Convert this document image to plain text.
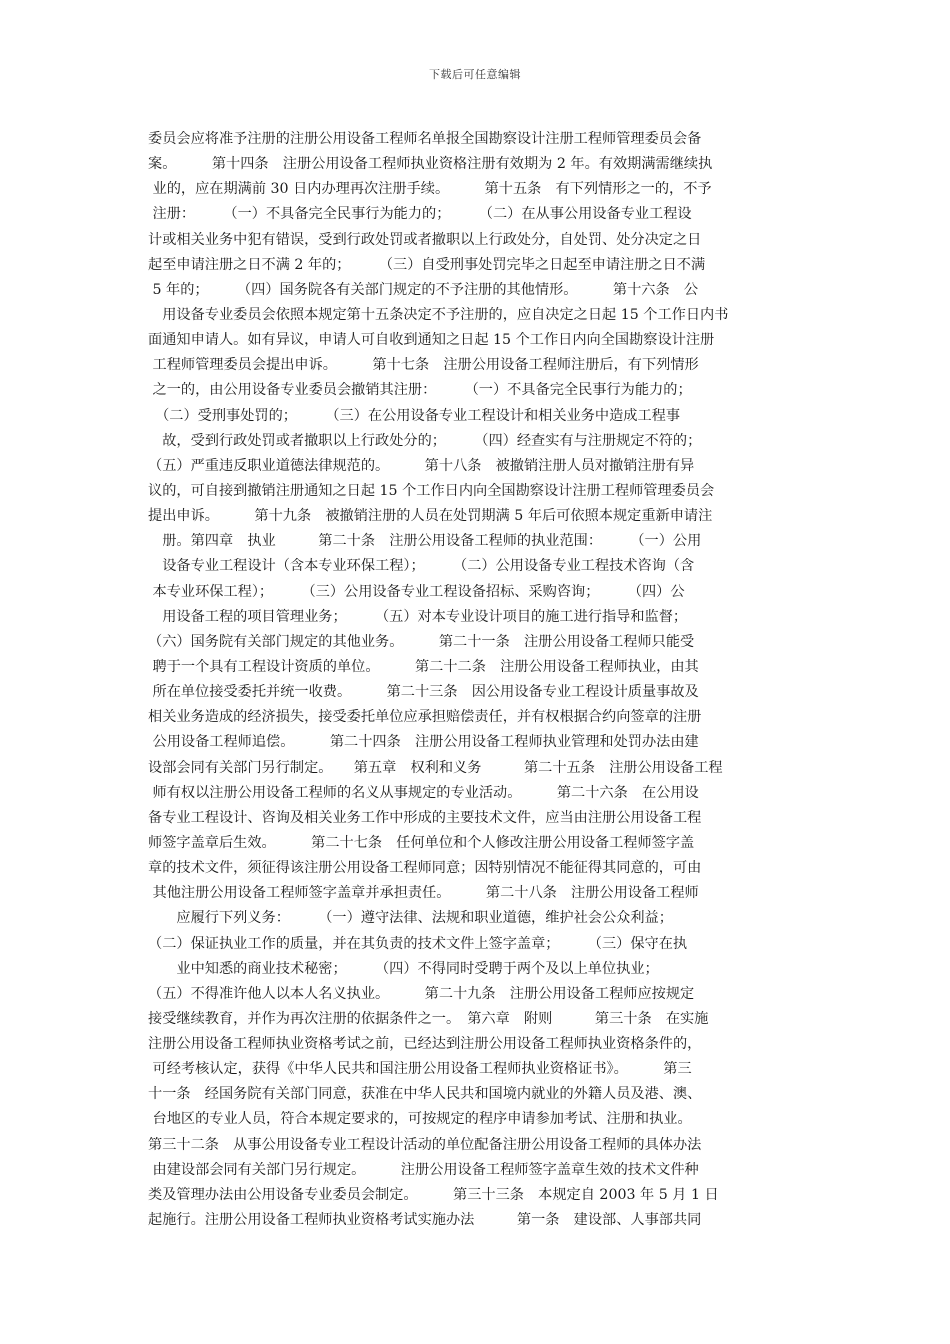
下载后可任意编辑
委员会应将准予注册的注册公用设备工程师名单报全国勘察设计注册工程师管理委员会备
案。　　　第十四条　注册公用设备工程师执业资格注册有效期为 2 年。有效期满需继续执
业的，应在期满前 30 日内办理再次注册手续。　　　第十五条　有下列情形之一的，不予
注册：　　　（一）不具备完全民事行为能力的；　　　（二）在从事公用设备专业工程设
计或相关业务中犯有错误，受到行政处罚或者撤职以上行政处分，自处罚、处分决定之日
起至申请注册之日不满 2 年的；　　　（三）自受刑事处罚完毕之日起至申请注册之日不满
5 年的；　　　（四）国务院各有关部门规定的不予注册的其他情形。　　　第十六条　公
　用设备专业委员会依照本规定第十五条决定不予注册的，应自决定之日起 15 个工作日内书
面通知申请人。如有异议，申请人可自收到通知之日起 15 个工作日内向全国勘察设计注册
工程师管理委员会提出申诉。　　　第十七条　注册公用设备工程师注册后，有下列情形
之一的，由公用设备专业委员会撤销其注册：　　　（一）不具备完全民事行为能力的；
　（二）受刑事处罚的；　　　（三）在公用设备专业工程设计和相关业务中造成工程事
　故，受到行政处罚或者撤职以上行政处分的；　　　（四）经查实有与注册规定不符的；
（五）严重违反职业道德法律规范的。　　　第十八条　被撤销注册人员对撤销注册有异
议的，可自接到撤销注册通知之日起 15 个工作日内向全国勘察设计注册工程师管理委员会
提出申诉。　　　第十九条　被撤销注册的人员在处罚期满 5 年后可依照本规定重新申请注
　册。第四章　执业　　　第二十条　注册公用设备工程师的执业范围：　　　（一）公用
　设备专业工程设计（含本专业环保工程）；　　　（二）公用设备专业工程技术咨询（含
本专业环保工程）；　　　（三）公用设备专业工程设备招标、采购咨询；　　　（四）公
　用设备工程的项目管理业务；　　　（五）对本专业设计项目的施工进行指导和监督；
（六）国务院有关部门规定的其他业务。　　　第二十一条　注册公用设备工程师只能受
聘于一个具有工程设计资质的单位。　　　第二十二条　注册公用设备工程师执业，由其
所在单位接受委托并统一收费。　　　第二十三条　因公用设备专业工程设计质量事故及
相关业务造成的经济损失，接受委托单位应承担赔偿责任，并有权根据合约向签章的注册
公用设备工程师追偿。　　　第二十四条　注册公用设备工程师执业管理和处罚办法由建
设部会同有关部门另行制定。　　第五章　权利和义务　　　第二十五条　注册公用设备工程
师有权以注册公用设备工程师的名义从事规定的专业活动。　　　第二十六条　在公用设
备专业工程设计、咨询及相关业务工作中形成的主要技术文件，应当由注册公用设备工程
师签字盖章后生效。　　　第二十七条　任何单位和个人修改注册公用设备工程师签字盖
章的技术文件，须征得该注册公用设备工程师同意；因特别情况不能征得其同意的，可由
其他注册公用设备工程师签字盖章并承担责任。　　　第二十八条　注册公用设备工程师
　　应履行下列义务：　　　（一）遵守法律、法规和职业道德，维护社会公众利益；
（二）保证执业工作的质量，并在其负责的技术文件上签字盖章；　　　（三）保守在执
　　业中知悉的商业技术秘密；　　　（四）不得同时受聘于两个及以上单位执业；
（五）不得准许他人以本人名义执业。　　　第二十九条　注册公用设备工程师应按规定
接受继续教育，并作为再次注册的依据条件之一。　第六章　附则　　　第三十条　在实施
注册公用设备工程师执业资格考试之前，已经达到注册公用设备工程师执业资格条件的，
可经考核认定，获得《中华人民共和国注册公用设备工程师执业资格证书》。　　　第三
十一条　经国务院有关部门同意，获准在中华人民共和国境内就业的外籍人员及港、澳、
台地区的专业人员，符合本规定要求的，可按规定的程序申请参加考试、注册和执业。
第三十二条　从事公用设备专业工程设计活动的单位配备注册公用设备工程师的具体办法
由建设部会同有关部门另行规定。　　　注册公用设备工程师签字盖章生效的技术文件种
类及管理办法由公用设备专业委员会制定。　　　第三十三条　本规定自 2003 年 5 月 1 日
起施行。注册公用设备工程师执业资格考试实施办法　　　第一条　建设部、人事部共同
